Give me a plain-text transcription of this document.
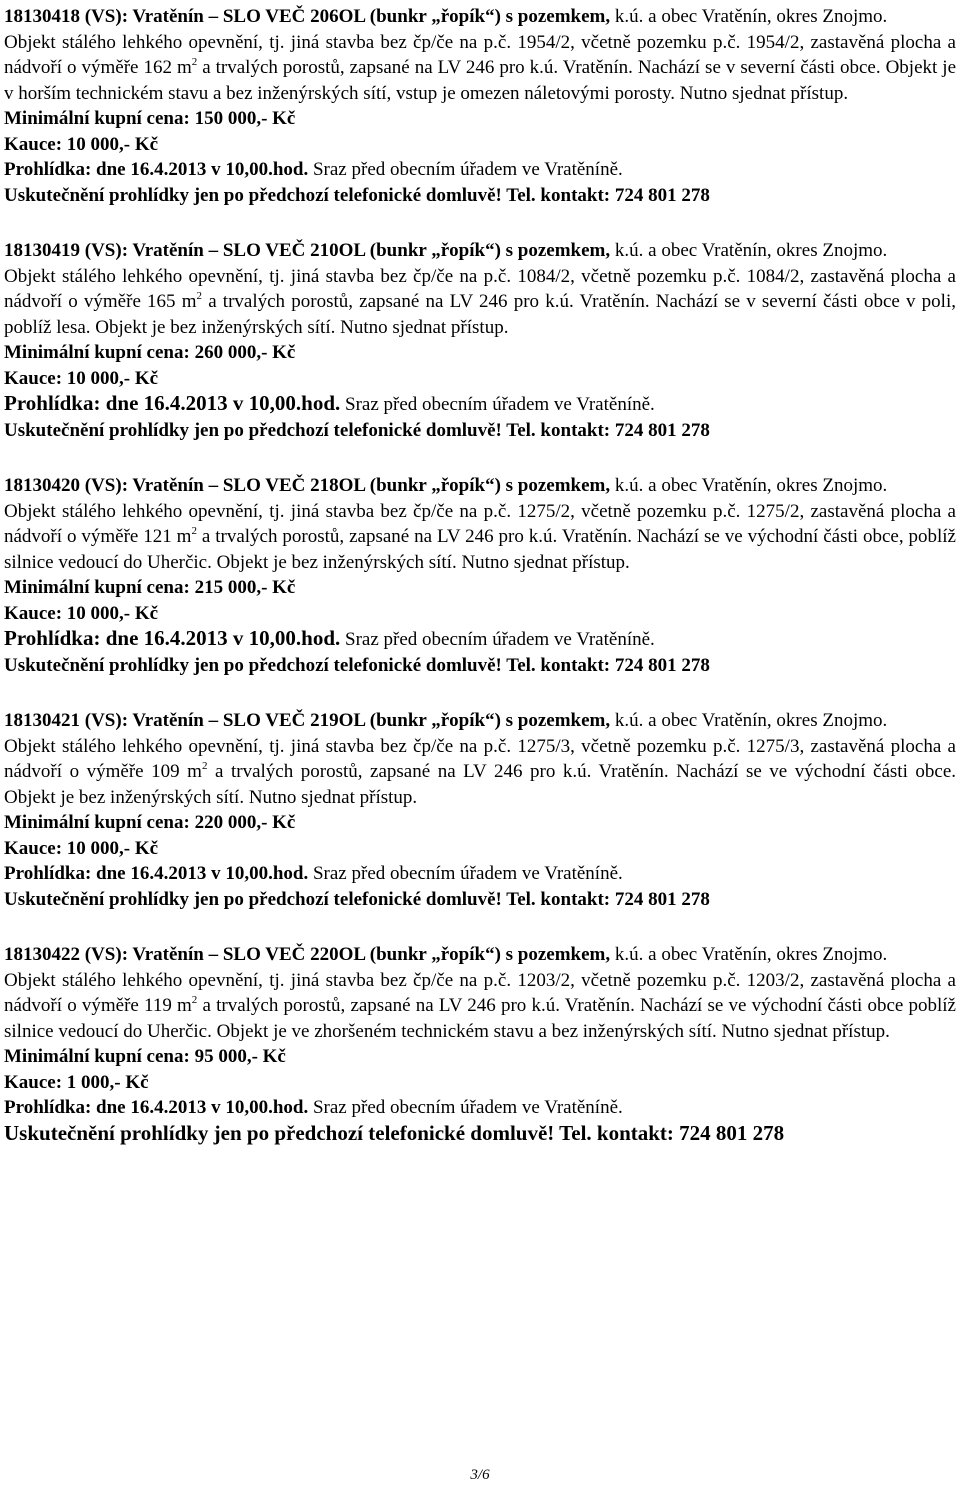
18130418 (VS): Vratěnín – SLO VEČ 206OL (bunkr „řopík“) s pozemkem, k.ú. a obec Vratěnín, okres Znojmo.

Objekt stálého lehkého opevnění, tj. jiná stavba bez čp/če na p.č. 1954/2, včetně pozemku p.č. 1954/2, zastavěná plocha a nádvoří o výměře 162 $m^2$ a trvalých porostů, zapsané na LV 246 pro k.ú. Vratěnín. Nachází se v severní části obce. Objekt je v horším technickém stavu a bez inženýrských sítí, vstup je omezen náletovými porosty. Nutno sjednat přístup.

Minimální kupní cena: 150 000,- Kč

Kauce: 10 000,- Kč

Prohlídka: dne 16.4.2013 v 10,00.hod. Sraz před obecním úřadem ve Vratěníně.

Uskutečnění prohlídky jen po předchozí telefonické domluvě! Tel. kontakt: 724 801 278

18130419 (VS): Vratěnín – SLO VEČ 210OL (bunkr „řopík“) s pozemkem, k.ú. a obec Vratěnín, okres Znojmo.

Objekt stálého lehkého opevnění, tj. jiná stavba bez čp/če na p.č. 1084/2, včetně pozemku p.č. 1084/2, zastavěná plocha a nádvoří o výměře 165 $m^2$ a trvalých porostů, zapsané na LV 246 pro k.ú. Vratěnín. Nachází se v severní části obce v poli, poblíž lesa. Objekt je bez inženýrských sítí. Nutno sjednat přístup.

Minimální kupní cena: 260 000,- Kč

Kauce: 10 000,- Kč

Prohlídka: dne 16.4.2013 v 10,00.hod. Sraz před obecním úřadem ve Vratěníně.

Uskutečnění prohlídky jen po předchozí telefonické domluvě! Tel. kontakt: 724 801 278

18130420 (VS): Vratěnín – SLO VEČ 218OL (bunkr „řopík“) s pozemkem, k.ú. a obec Vratěnín, okres Znojmo.

Objekt stálého lehkého opevnění, tj. jiná stavba bez čp/če na p.č. 1275/2, včetně pozemku p.č. 1275/2, zastavěná plocha a nádvoří o výměře 121 $m^2$ a trvalých porostů, zapsané na LV 246 pro k.ú. Vratěnín. Nachází se ve východní části obce, poblíž silnice vedoucí do Uherčic. Objekt je bez inženýrských sítí. Nutno sjednat přístup.

Minimální kupní cena: 215 000,- Kč

Kauce: 10 000,- Kč

Prohlídka: dne 16.4.2013 v 10,00.hod. Sraz před obecním úřadem ve Vratěníně.

Uskutečnění prohlídky jen po předchozí telefonické domluvě! Tel. kontakt: 724 801 278

18130421 (VS): Vratěnín – SLO VEČ 219OL (bunkr „řopík“) s pozemkem, k.ú. a obec Vratěnín, okres Znojmo.

Objekt stálého lehkého opevnění, tj. jiná stavba bez čp/če na p.č. 1275/3, včetně pozemku p.č. 1275/3, zastavěná plocha a nádvoří o výměře 109 $m^2$ a trvalých porostů, zapsané na LV 246 pro k.ú. Vratěnín. Nachází se ve východní části obce. Objekt je bez inženýrských sítí. Nutno sjednat přístup.

Minimální kupní cena: 220 000,- Kč

Kauce: 10 000,- Kč

Prohlídka: dne 16.4.2013 v 10,00.hod. Sraz před obecním úřadem ve Vratěníně.

Uskutečnění prohlídky jen po předchozí telefonické domluvě! Tel. kontakt: 724 801 278

18130422 (VS): Vratěnín – SLO VEČ 220OL (bunkr „řopík“) s pozemkem, k.ú. a obec Vratěnín, okres Znojmo.

Objekt stálého lehkého opevnění, tj. jiná stavba bez čp/če na p.č. 1203/2, včetně pozemku p.č. 1203/2, zastavěná plocha a nádvoří o výměře 119 $m^2$ a trvalých porostů, zapsané na LV 246 pro k.ú. Vratěnín. Nachází se ve východní části obce poblíž silnice vedoucí do Uherčic. Objekt je ve zhoršeném technickém stavu a bez inženýrských sítí. Nutno sjednat přístup.

Minimální kupní cena: 95 000,- Kč

Kauce: 1 000,- Kč

Prohlídka: dne 16.4.2013 v 10,00.hod. Sraz před obecním úřadem ve Vratěníně.

Uskutečnění prohlídky jen po předchozí telefonické domluvě! Tel. kontakt: 724 801 278

3/6
